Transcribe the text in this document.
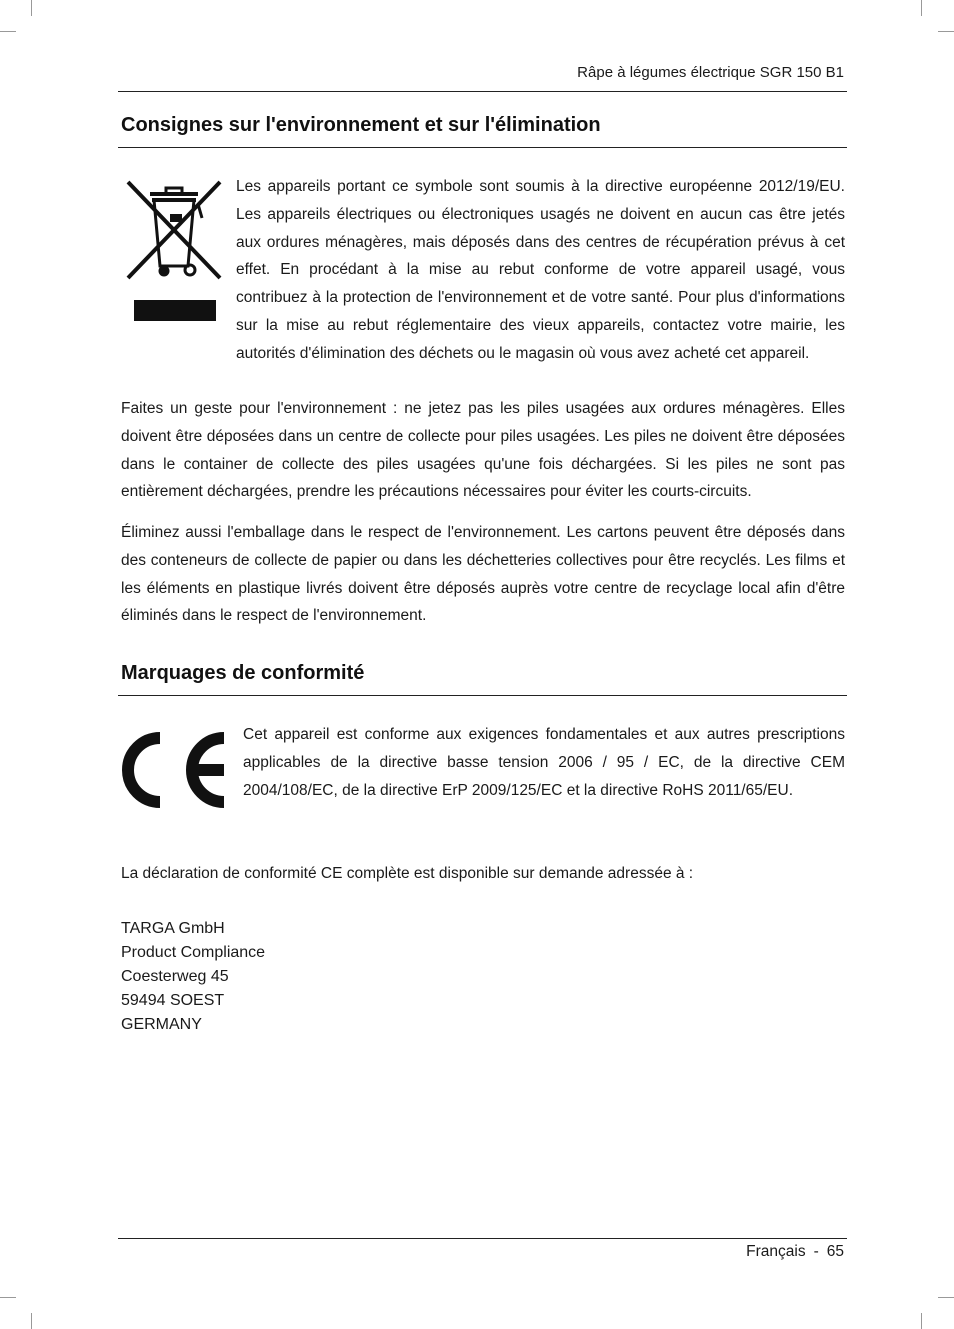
Râpe à légumes électrique SGR 150 B1
Consignes sur l'environnement et sur l'élimination

Les appareils portant ce symbole sont soumis à la directive européenne 2012/19/EU. Les appareils électriques ou électroniques usagés ne doivent en aucun cas être jetés aux ordures ménagères, mais déposés dans des centres de récupération prévus à cet effet. En procédant à la mise au rebut conforme de votre appareil usagé, vous contribuez à la protection de l'environnement et de votre santé. Pour plus d'informations sur la mise au rebut réglementaire des vieux appareils, contactez votre mairie, les autorités d'élimination des déchets ou le magasin où vous avez acheté cet appareil.

Faites un geste pour l'environnement : ne jetez pas les piles usagées aux ordures ménagères. Elles doivent être déposées dans un centre de collecte pour piles usagées. Les piles ne doivent être déposées dans le container de collecte des piles usagées qu'une fois déchargées. Si les piles ne sont pas entièrement déchargées, prendre les précautions nécessaires pour éviter les courts-circuits.

Éliminez aussi l'emballage dans le respect de l'environnement. Les cartons peuvent être déposés dans des conteneurs de collecte de papier ou dans les déchetteries collectives pour être recyclés. Les films et les éléments en plastique livrés doivent être déposés auprès votre centre de recyclage local afin d'être éliminés dans le respect de l'environnement.

Marquages de conformité

Cet appareil est conforme aux exigences fondamentales et aux autres prescriptions applicables de la directive basse tension 2006 / 95 / EC, de la directive CEM 2004/108/EC, de la directive ErP 2009/125/EC et la directive RoHS 2011/65/EU.

La déclaration de conformité CE complète est disponible sur demande adressée à :

TARGA GmbH
Product Compliance
Coesterweg 45
59494 SOEST
GERMANY
Français - 65
